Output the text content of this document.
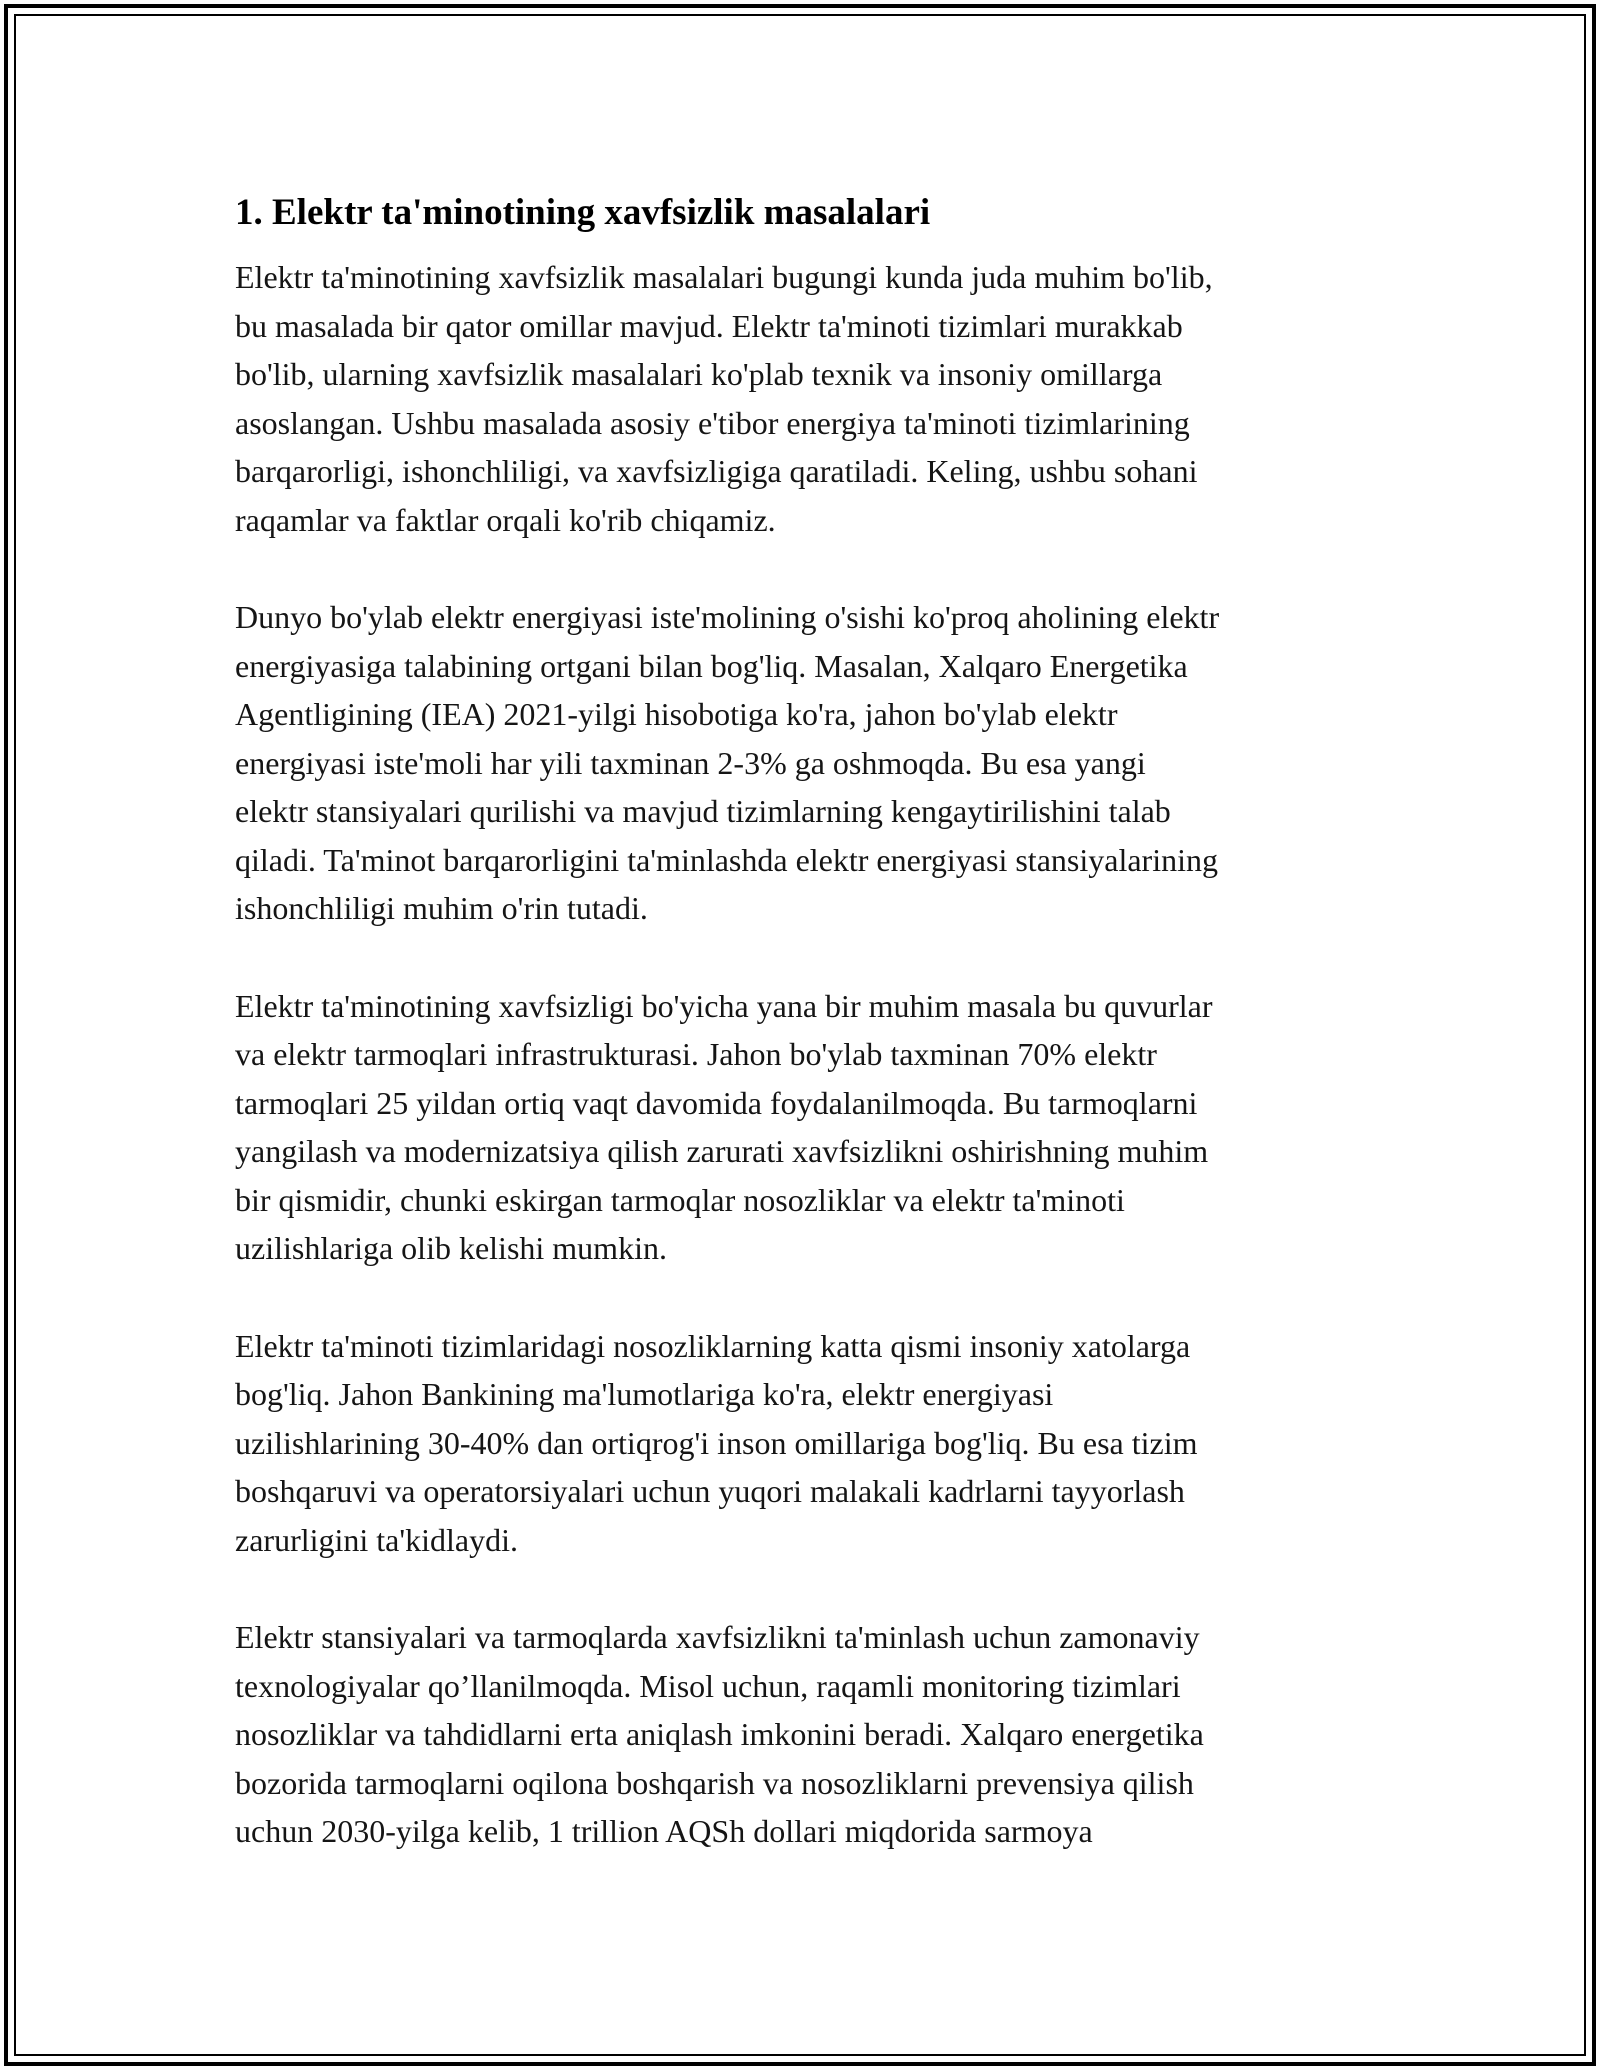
1. Elektr ta'minotining xavfsizlik masalalari

Elektr ta'minotining xavfsizlik masalalari bugungi kunda juda muhim bo'lib,
bu masalada bir qator omillar mavjud. Elektr ta'minoti tizimlari murakkab
bo'lib, ularning xavfsizlik masalalari ko'plab texnik va insoniy omillarga
asoslangan. Ushbu masalada asosiy e'tibor energiya ta'minoti tizimlarining
barqarorligi, ishonchliligi, va xavfsizligiga qaratiladi. Keling, ushbu sohani
raqamlar va faktlar orqali ko'rib chiqamiz.

Dunyo bo'ylab elektr energiyasi iste'molining o'sishi ko'proq aholining elektr
energiyasiga talabining ortgani bilan bog'liq. Masalan, Xalqaro Energetika
Agentligining (IEA) 2021-yilgi hisobotiga ko'ra, jahon bo'ylab elektr
energiyasi iste'moli har yili taxminan 2-3% ga oshmoqda. Bu esa yangi
elektr stansiyalari qurilishi va mavjud tizimlarning kengaytirilishini talab
qiladi. Ta'minot barqarorligini ta'minlashda elektr energiyasi stansiyalarining
ishonchliligi muhim o'rin tutadi.

Elektr ta'minotining xavfsizligi bo'yicha yana bir muhim masala bu quvurlar
va elektr tarmoqlari infrastrukturasi. Jahon bo'ylab taxminan 70% elektr
tarmoqlari 25 yildan ortiq vaqt davomida foydalanilmoqda. Bu tarmoqlarni
yangilash va modernizatsiya qilish zarurati xavfsizlikni oshirishning muhim
bir qismidir, chunki eskirgan tarmoqlar nosozliklar va elektr ta'minoti
uzilishlariga olib kelishi mumkin.

Elektr ta'minoti tizimlaridagi nosozliklarning katta qismi insoniy xatolarga
bog'liq. Jahon Bankining ma'lumotlariga ko'ra, elektr energiyasi
uzilishlarining 30-40% dan ortiqrog'i inson omillariga bog'liq. Bu esa tizim
boshqaruvi va operatorsiyalari uchun yuqori malakali kadrlarni tayyorlash
zarurligini ta'kidlaydi.

Elektr stansiyalari va tarmoqlarda xavfsizlikni ta'minlash uchun zamonaviy
texnologiyalar qo’llanilmoqda. Misol uchun, raqamli monitoring tizimlari
nosozliklar va tahdidlarni erta aniqlash imkonini beradi. Xalqaro energetika
bozorida tarmoqlarni oqilona boshqarish va nosozliklarni prevensiya qilish
uchun 2030-yilga kelib, 1 trillion AQSh dollari miqdorida sarmoya
